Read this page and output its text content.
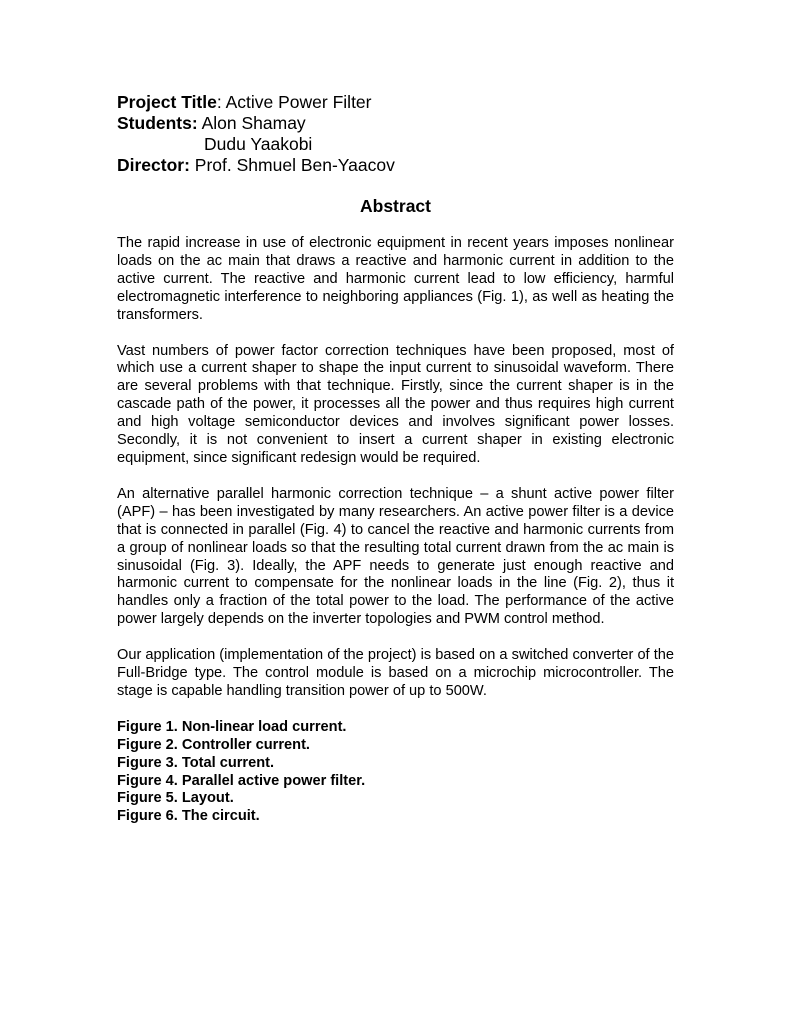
Project Title: Active Power Filter
Students: Alon Shamay
Dudu Yaakobi
Director: Prof. Shmuel Ben-Yaacov
Abstract

The rapid increase in use of electronic equipment in recent years imposes nonlinear loads on the ac main that draws a reactive and harmonic current in addition to the active current. The reactive and harmonic current lead to low efficiency, harmful electromagnetic interference to neighboring appliances (Fig. 1), as well as heating the transformers.

Vast numbers of power factor correction techniques have been proposed, most of which use a current shaper to shape the input current to sinusoidal waveform. There are several problems with that technique. Firstly, since the current shaper is in the cascade path of the power, it processes all the power and thus requires high current and high voltage semiconductor devices and involves significant power losses. Secondly, it is not convenient to insert a current shaper in existing electronic equipment, since significant redesign would be required.

An alternative parallel harmonic correction technique – a shunt active power filter (APF) – has been investigated by many researchers. An active power filter is a device that is connected in parallel (Fig. 4) to cancel the reactive and harmonic currents from a group of nonlinear loads so that the resulting total current drawn from the ac main is sinusoidal (Fig. 3). Ideally, the APF needs to generate just enough reactive and harmonic current to compensate for the nonlinear loads in the line (Fig. 2), thus it handles only a fraction of the total power to the load. The performance of the active power largely depends on the inverter topologies and PWM control method.

Our application (implementation of the project) is based on a switched converter of the Full-Bridge type. The control module is based on a microchip microcontroller. The stage is capable handling transition power of up to 500W.

Figure 1. Non-linear load current.
Figure 2. Controller current.
Figure 3. Total current.
Figure 4. Parallel active power filter.
Figure 5. Layout.
Figure 6. The circuit.
